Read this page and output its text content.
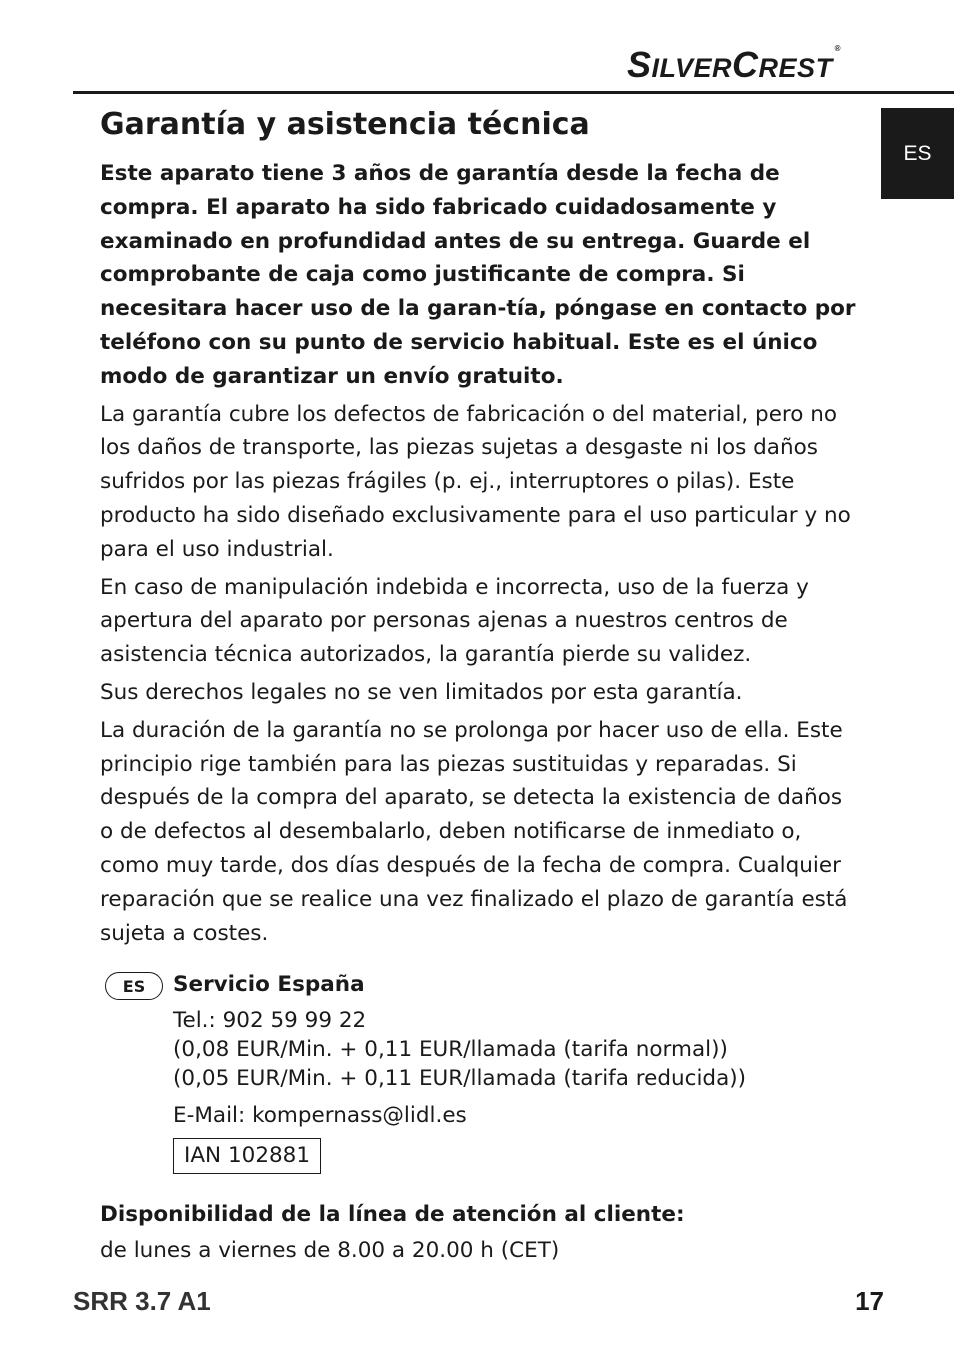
SILVERCREST®
ES
Garantía y asistencia técnica

Este aparato tiene 3 años de garantía desde la fecha de compra. El aparato ha sido fabricado cuidadosamente y examinado en profundidad antes de su entrega. Guarde el comprobante de caja como justificante de compra. Si necesitara hacer uso de la garan-tía, póngase en contacto por teléfono con su punto de servicio habitual. Este es el único modo de garantizar un envío gratuito.

La garantía cubre los defectos de fabricación o del material, pero no los daños de transporte, las piezas sujetas a desgaste ni los daños sufridos por las piezas frágiles (p. ej., interruptores o pilas). Este producto ha sido diseñado exclusivamente para el uso particular y no para el uso industrial.

En caso de manipulación indebida e incorrecta, uso de la fuerza y apertura del aparato por personas ajenas a nuestros centros de asistencia técnica autorizados, la garantía pierde su validez.

Sus derechos legales no se ven limitados por esta garantía.

La duración de la garantía no se prolonga por hacer uso de ella. Este principio rige también para las piezas sustituidas y reparadas. Si después de la compra del aparato, se detecta la existencia de daños o de defectos al desembalarlo, deben notificarse de inmediato o, como muy tarde, dos días después de la fecha de compra. Cualquier reparación que se realice una vez finalizado el plazo de garantía está sujeta a costes.

ES	Servicio España

Tel.: 902 59 99 22

(0,08 EUR/Min. + 0,11 EUR/llamada (tarifa normal))

(0,05 EUR/Min. + 0,11 EUR/llamada (tarifa reducida))

E-Mail: kompernass@lidl.es

IAN 102881

Disponibilidad de la línea de atención al cliente:

de lunes a viernes de 8.00 a 20.00 h (CET)

SRR 3.7 A1	17
